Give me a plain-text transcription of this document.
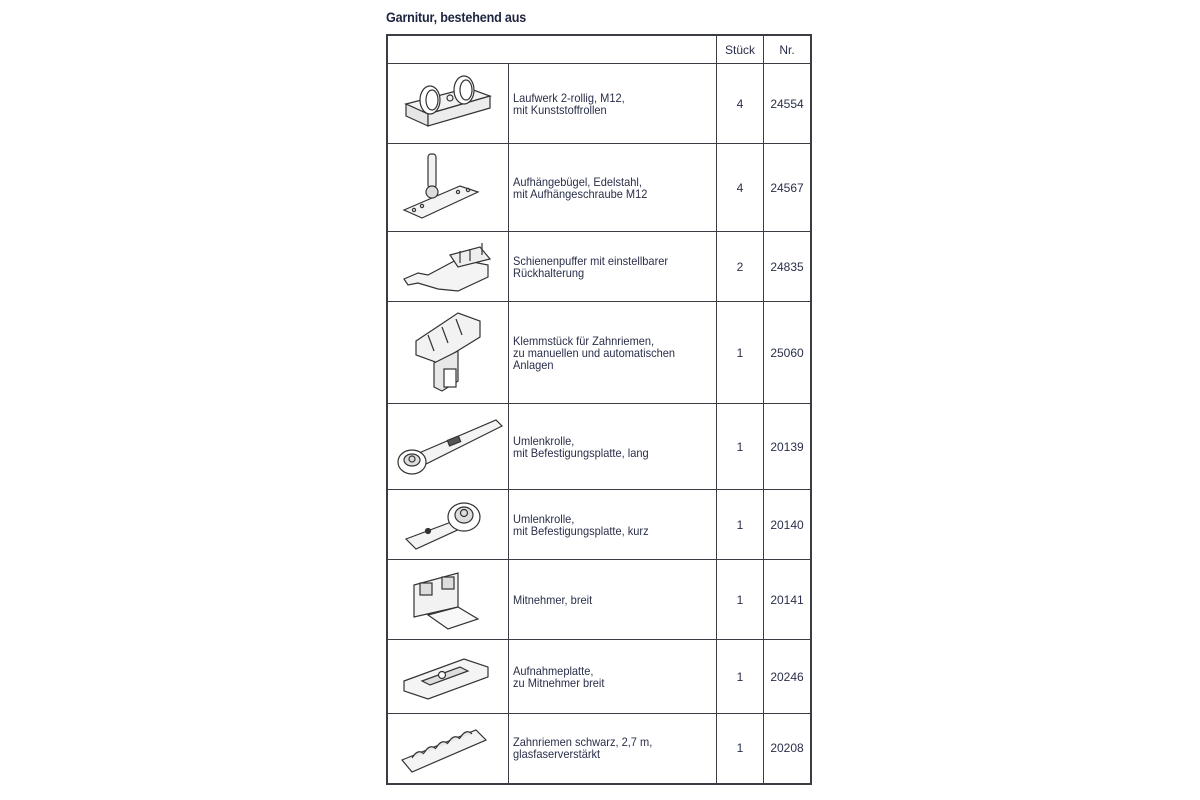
Garnitur, bestehend aus
		Stück	Nr.

Laufwerk 2-rollig, M12,
mit Kunststoffrollen	4	24554

Aufhängebügel, Edelstahl,
mit Aufhängeschraube M12	4	24567

Schienenpuffer mit einstellbarer
Rückhalterung	2	24835

Klemmstück für Zahnriemen,
zu manuellen und automatischen
Anlagen	1	25060

Umlenkrolle,
mit Befestigungsplatte, lang	1	20139

Umlenkrolle,
mit Befestigungsplatte, kurz	1	20140

Mitnehmer, breit	1	20141

Aufnahmeplatte,
zu Mitnehmer breit	1	20246

Zahnriemen schwarz, 2,7 m,
glasfaserverstärkt	1	20208
